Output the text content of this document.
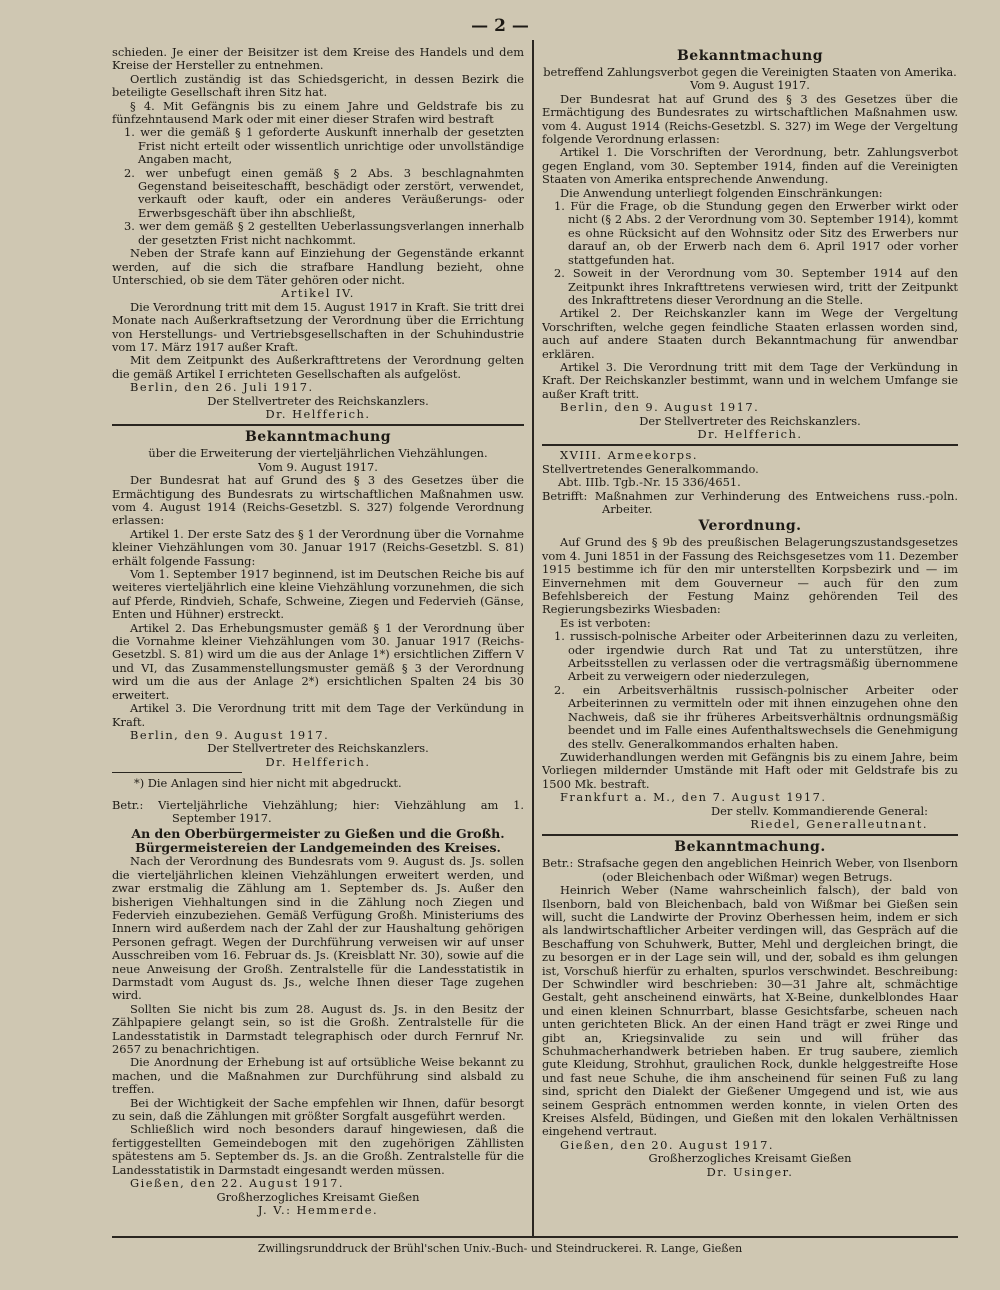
— 2 —

schieden. Je einer der Beisitzer ist dem Kreise des Handels und dem Kreise der Hersteller zu entnehmen.

Oertlich zuständig ist das Schiedsgericht, in dessen Bezirk die beteiligte Gesellschaft ihren Sitz hat.

§ 4. Mit Gefängnis bis zu einem Jahre und Geldstrafe bis zu fünfzehntausend Mark oder mit einer dieser Strafen wird bestraft

1. wer die gemäß § 1 geforderte Auskunft innerhalb der gesetzten Frist nicht erteilt oder wissentlich unrichtige oder unvollständige Angaben macht,
2. wer unbefugt einen gemäß § 2 Abs. 3 beschlagnahmten Gegenstand beiseiteschafft, beschädigt oder zerstört, verwendet, verkauft oder kauft, oder ein anderes Veräußerungs- oder Erwerbsgeschäft über ihn abschließt,
3. wer dem gemäß § 2 gestellten Ueberlassungsverlangen innerhalb der gesetzten Frist nicht nachkommt.

Neben der Strafe kann auf Einziehung der Gegenstände erkannt werden, auf die sich die strafbare Handlung bezieht, ohne Unterschied, ob sie dem Täter gehören oder nicht.

Artikel IV.

Die Verordnung tritt mit dem 15. August 1917 in Kraft. Sie tritt drei Monate nach Außerkraftsetzung der Verordnung über die Errichtung von Herstellungs- und Vertriebsgesellschaften in der Schuhindustrie vom 17. März 1917 außer Kraft.

Mit dem Zeitpunkt des Außerkrafttretens der Verordnung gelten die gemäß Artikel I errichteten Gesellschaften als aufgelöst.

Berlin, den 26. Juli 1917.

Der Stellvertreter des Reichskanzlers.

Dr. Helfferich.

Bekanntmachung

über die Erweiterung der vierteljährlichen Viehzählungen.

Vom 9. August 1917.

Der Bundesrat hat auf Grund des § 3 des Gesetzes über die Ermächtigung des Bundesrats zu wirtschaftlichen Maßnahmen usw. vom 4. August 1914 (Reichs-Gesetzbl. S. 327) folgende Verordnung erlassen:

Artikel 1. Der erste Satz des § 1 der Verordnung über die Vornahme kleiner Viehzählungen vom 30. Januar 1917 (Reichs-Gesetzbl. S. 81) erhält folgende Fassung:

Vom 1. September 1917 beginnend, ist im Deutschen Reiche bis auf weiteres vierteljährlich eine kleine Viehzählung vorzunehmen, die sich auf Pferde, Rindvieh, Schafe, Schweine, Ziegen und Federvieh (Gänse, Enten und Hühner) erstreckt.

Artikel 2. Das Erhebungsmuster gemäß § 1 der Verordnung über die Vornahme kleiner Viehzählungen vom 30. Januar 1917 (Reichs-Gesetzbl. S. 81) wird um die aus der Anlage 1*) ersichtlichen Ziffern V und VI, das Zusammenstellungsmuster gemäß § 3 der Verordnung wird um die aus der Anlage 2*) ersichtlichen Spalten 24 bis 30 erweitert.

Artikel 3. Die Verordnung tritt mit dem Tage der Verkündung in Kraft.

Berlin, den 9. August 1917.

Der Stellvertreter des Reichskanzlers.

Dr. Helfferich.

*) Die Anlagen sind hier nicht mit abgedruckt.

Betr.: Vierteljährliche Viehzählung; hier: Viehzählung am 1. September 1917.

An den Oberbürgermeister zu Gießen und die Großh. Bürgermeistereien der Landgemeinden des Kreises.

Nach der Verordnung des Bundesrats vom 9. August ds. Js. sollen die vierteljährlichen kleinen Viehzählungen erweitert werden, und zwar erstmalig die Zählung am 1. September ds. Js. Außer den bisherigen Viehhaltungen sind in die Zählung noch Ziegen und Federvieh einzubeziehen. Gemäß Verfügung Großh. Ministeriums des Innern wird außerdem nach der Zahl der zur Haushaltung gehörigen Personen gefragt. Wegen der Durchführung verweisen wir auf unser Ausschreiben vom 16. Februar ds. Js. (Kreisblatt Nr. 30), sowie auf die neue Anweisung der Großh. Zentralstelle für die Landesstatistik in Darmstadt vom August ds. Js., welche Ihnen dieser Tage zugehen wird.

Sollten Sie nicht bis zum 28. August ds. Js. in den Besitz der Zählpapiere gelangt sein, so ist die Großh. Zentralstelle für die Landesstatistik in Darmstadt telegraphisch oder durch Fernruf Nr. 2657 zu benachrichtigen.

Die Anordnung der Erhebung ist auf ortsübliche Weise bekannt zu machen, und die Maßnahmen zur Durchführung sind alsbald zu treffen.

Bei der Wichtigkeit der Sache empfehlen wir Ihnen, dafür besorgt zu sein, daß die Zählungen mit größter Sorgfalt ausgeführt werden.

Schließlich wird noch besonders darauf hingewiesen, daß die fertiggestellten Gemeindebogen mit den zugehörigen Zähllisten spätestens am 5. September ds. Js. an die Großh. Zentralstelle für die Landesstatistik in Darmstadt eingesandt werden müssen.

Gießen, den 22. August 1917.

Großherzogliches Kreisamt Gießen

J. V.: Hemmerde.

Bekanntmachung

betreffend Zahlungsverbot gegen die Vereinigten Staaten von Amerika. Vom 9. August 1917.

Der Bundesrat hat auf Grund des § 3 des Gesetzes über die Ermächtigung des Bundesrates zu wirtschaftlichen Maßnahmen usw. vom 4. August 1914 (Reichs-Gesetzbl. S. 327) im Wege der Vergeltung folgende Verordnung erlassen:

Artikel 1. Die Vorschriften der Verordnung, betr. Zahlungsverbot gegen England, vom 30. September 1914, finden auf die Vereinigten Staaten von Amerika entsprechende Anwendung.

Die Anwendung unterliegt folgenden Einschränkungen:

1. Für die Frage, ob die Stundung gegen den Erwerber wirkt oder nicht (§ 2 Abs. 2 der Verordnung vom 30. September 1914), kommt es ohne Rücksicht auf den Wohnsitz oder Sitz des Erwerbers nur darauf an, ob der Erwerb nach dem 6. April 1917 oder vorher stattgefunden hat.
2. Soweit in der Verordnung vom 30. September 1914 auf den Zeitpunkt ihres Inkrafttretens verwiesen wird, tritt der Zeitpunkt des Inkrafttretens dieser Verordnung an die Stelle.

Artikel 2. Der Reichskanzler kann im Wege der Vergeltung Vorschriften, welche gegen feindliche Staaten erlassen worden sind, auch auf andere Staaten durch Bekanntmachung für anwendbar erklären.

Artikel 3. Die Verordnung tritt mit dem Tage der Verkündung in Kraft. Der Reichskanzler bestimmt, wann und in welchem Umfange sie außer Kraft tritt.

Berlin, den 9. August 1917.

Der Stellvertreter des Reichskanzlers.

Dr. Helfferich.

XVIII. Armeekorps.

Stellvertretendes Generalkommando.

Abt. IIIb. Tgb.-Nr. 15 336/4651.

Betrifft: Maßnahmen zur Verhinderung des Entweichens russ.-poln. Arbeiter.

Verordnung.

Auf Grund des § 9b des preußischen Belagerungszustandsgesetzes vom 4. Juni 1851 in der Fassung des Reichsgesetzes vom 11. Dezember 1915 bestimme ich für den mir unterstellten Korpsbezirk und — im Einvernehmen mit dem Gouverneur — auch für den zum Befehlsbereich der Festung Mainz gehörenden Teil des Regierungsbezirks Wiesbaden:

Es ist verboten:

1. russisch-polnische Arbeiter oder Arbeiterinnen dazu zu verleiten, oder irgendwie durch Rat und Tat zu unterstützen, ihre Arbeitsstellen zu verlassen oder die vertragsmäßig übernommene Arbeit zu verweigern oder niederzulegen,
2. ein Arbeitsverhältnis russisch-polnischer Arbeiter oder Arbeiterinnen zu vermitteln oder mit ihnen einzugehen ohne den Nachweis, daß sie ihr früheres Arbeitsverhältnis ordnungsmäßig beendet und im Falle eines Aufenthaltswechsels die Genehmigung des stellv. Generalkommandos erhalten haben.

Zuwiderhandlungen werden mit Gefängnis bis zu einem Jahre, beim Vorliegen mildernder Umstände mit Haft oder mit Geldstrafe bis zu 1500 Mk. bestraft.

Frankfurt a. M., den 7. August 1917.

Der stellv. Kommandierende General:

Riedel, Generalleutnant.

Bekanntmachung.

Betr.: Strafsache gegen den angeblichen Heinrich Weber, von Ilsenborn (oder Bleichenbach oder Wißmar) wegen Betrugs.

Heinrich Weber (Name wahrscheinlich falsch), der bald von Ilsenborn, bald von Bleichenbach, bald von Wißmar bei Gießen sein will, sucht die Landwirte der Provinz Oberhessen heim, indem er sich als landwirtschaftlicher Arbeiter verdingen will, das Gespräch auf die Beschaffung von Schuhwerk, Butter, Mehl und dergleichen bringt, die zu besorgen er in der Lage sein will, und der, sobald es ihm gelungen ist, Vorschuß hierfür zu erhalten, spurlos verschwindet. Beschreibung: Der Schwindler wird beschrieben: 30—31 Jahre alt, schmächtige Gestalt, geht anscheinend einwärts, hat X-Beine, dunkelblondes Haar und einen kleinen Schnurrbart, blasse Gesichtsfarbe, scheuen nach unten gerichteten Blick. An der einen Hand trägt er zwei Ringe und gibt an, Kriegsinvalide zu sein und will früher das Schuhmacherhandwerk betrieben haben. Er trug saubere, ziemlich gute Kleidung, Strohhut, graulichen Rock, dunkle helggestreifte Hose und fast neue Schuhe, die ihm anscheinend für seinen Fuß zu lang sind, spricht den Dialekt der Gießener Umgegend und ist, wie aus seinem Gespräch entnommen werden konnte, in vielen Orten des Kreises Alsfeld, Büdingen, und Gießen mit den lokalen Verhältnissen eingehend vertraut.

Gießen, den 20. August 1917.

Großherzogliches Kreisamt Gießen

Dr. Usinger.

Zwillingsrunddruck der Brühl'schen Univ.-Buch- und Steindruckerei. R. Lange, Gießen
